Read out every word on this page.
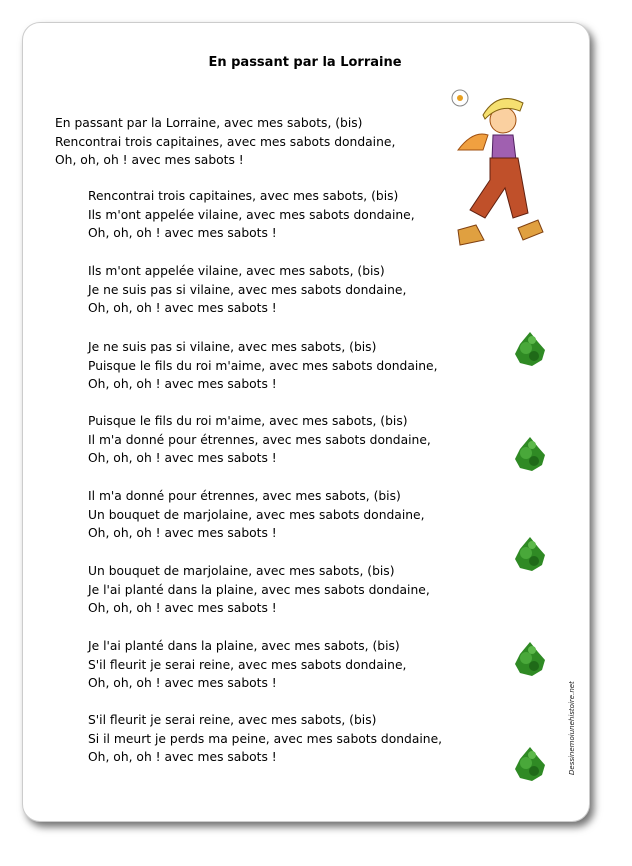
En passant par la Lorraine
En passant par la Lorraine, avec mes sabots, (bis)
Rencontrai trois capitaines, avec mes sabots dondaine,
Oh, oh, oh ! avec mes sabots !
Rencontrai trois capitaines, avec mes sabots, (bis)
Ils m'ont appelée vilaine, avec mes sabots dondaine,
Oh, oh, oh ! avec mes sabots !
Ils m'ont appelée vilaine, avec mes sabots, (bis)
Je ne suis pas si vilaine, avec mes sabots dondaine,
Oh, oh, oh ! avec mes sabots !
Je ne suis pas si vilaine, avec mes sabots, (bis)
Puisque le fils du roi m'aime, avec mes sabots dondaine,
Oh, oh, oh ! avec mes sabots !
Puisque le fils du roi m'aime, avec mes sabots, (bis)
Il m'a donné pour étrennes, avec mes sabots dondaine,
Oh, oh, oh ! avec mes sabots !
Il m'a donné pour étrennes, avec mes sabots, (bis)
Un bouquet de marjolaine, avec mes sabots dondaine,
Oh, oh, oh ! avec mes sabots !
Un bouquet de marjolaine, avec mes sabots, (bis)
Je l'ai planté dans la plaine, avec mes sabots dondaine,
Oh, oh, oh ! avec mes sabots !
Je l'ai planté dans la plaine, avec mes sabots, (bis)
S'il fleurit je serai reine, avec mes sabots dondaine,
Oh, oh, oh ! avec mes sabots !
S'il fleurit je serai reine, avec mes sabots, (bis)
Si il meurt je perds ma peine, avec mes sabots dondaine,
Oh, oh, oh ! avec mes sabots !	Dessinemoiunehistoire.net
